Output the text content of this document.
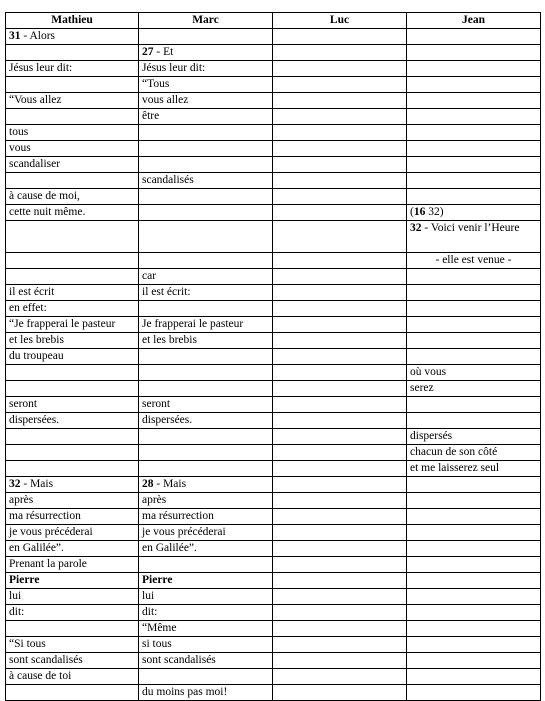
Mathieu	Marc	Luc	Jean
31 - Alors			
	27 - Et		
Jésus leur dit:	Jésus leur dit:		
	“Tous		
“Vous allez	vous allez		
	être		
tous			
vous			
scandaliser			
	scandalisés		
à cause de moi,			
cette nuit même.			(16 32)
			32 - Voici venir l’Heure
			- elle est venue -
	car		
il est écrit	il est écrit:		
en effet:			
“Je frapperai le pasteur	Je frapperai le pasteur		
et les brebis	et les brebis		
du troupeau			
			où vous
			serez
seront	seront		
dispersées.	dispersées.		
			dispersés
			chacun de son côté
			et me laisserez seul
32 - Mais	28 - Mais		
après	après		
ma résurrection	ma résurrection		
je vous précéderai	je vous précéderai		
en Galilée”.	en Galilée”.		
Prenant la parole			
Pierre	Pierre		
lui	lui		
dit:	dit:		
	“Même		
“Si tous	si tous		
sont scandalisés	sont scandalisés		
à cause de toi			
	du moins pas moi!		
